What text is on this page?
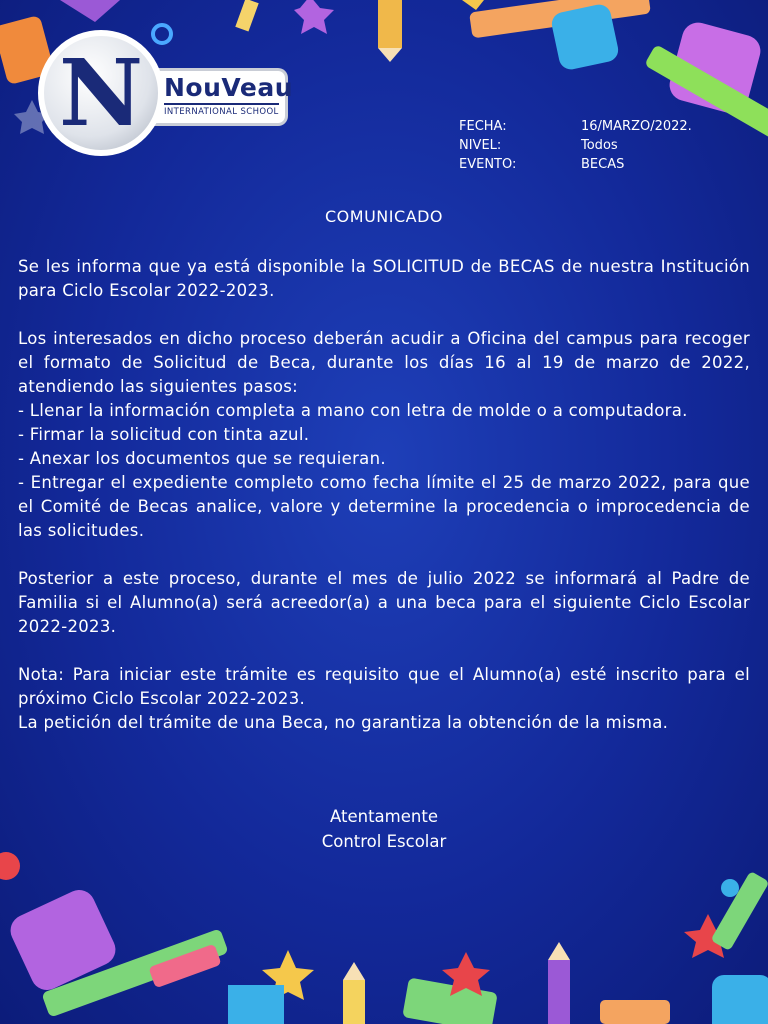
NouVeau
INTERNATIONAL SCHOOL
N	FECHA:	16/MARZO/2022.
NIVEL:	Todos
EVENTO:	BECAS
COMUNICADO

Se les informa que ya está disponible la SOLICITUD de BECAS de nuestra Institución para Ciclo Escolar 2022-2023.

Los interesados en dicho proceso deberán acudir a Oficina del campus para recoger el formato de Solicitud de Beca, durante los días 16 al 19 de marzo de 2022, atendiendo las siguientes pasos:

- Llenar la información completa a mano con letra de molde o a computadora.

- Firmar la solicitud con tinta azul.

- Anexar los documentos que se requieran.

- Entregar el expediente completo como fecha límite el 25 de marzo 2022, para que el Comité de Becas analice, valore y determine la procedencia o improcedencia de las solicitudes.

Posterior a este proceso, durante el mes de julio 2022 se informará al Padre de Familia si el Alumno(a) será acreedor(a) a una beca para el siguiente Ciclo Escolar 2022-2023.

Nota: Para iniciar este trámite es requisito que el Alumno(a) esté inscrito para el próximo Ciclo Escolar 2022-2023.

La petición del trámite de una Beca, no garantiza la obtención de la misma.

Atentamente
Control Escolar
